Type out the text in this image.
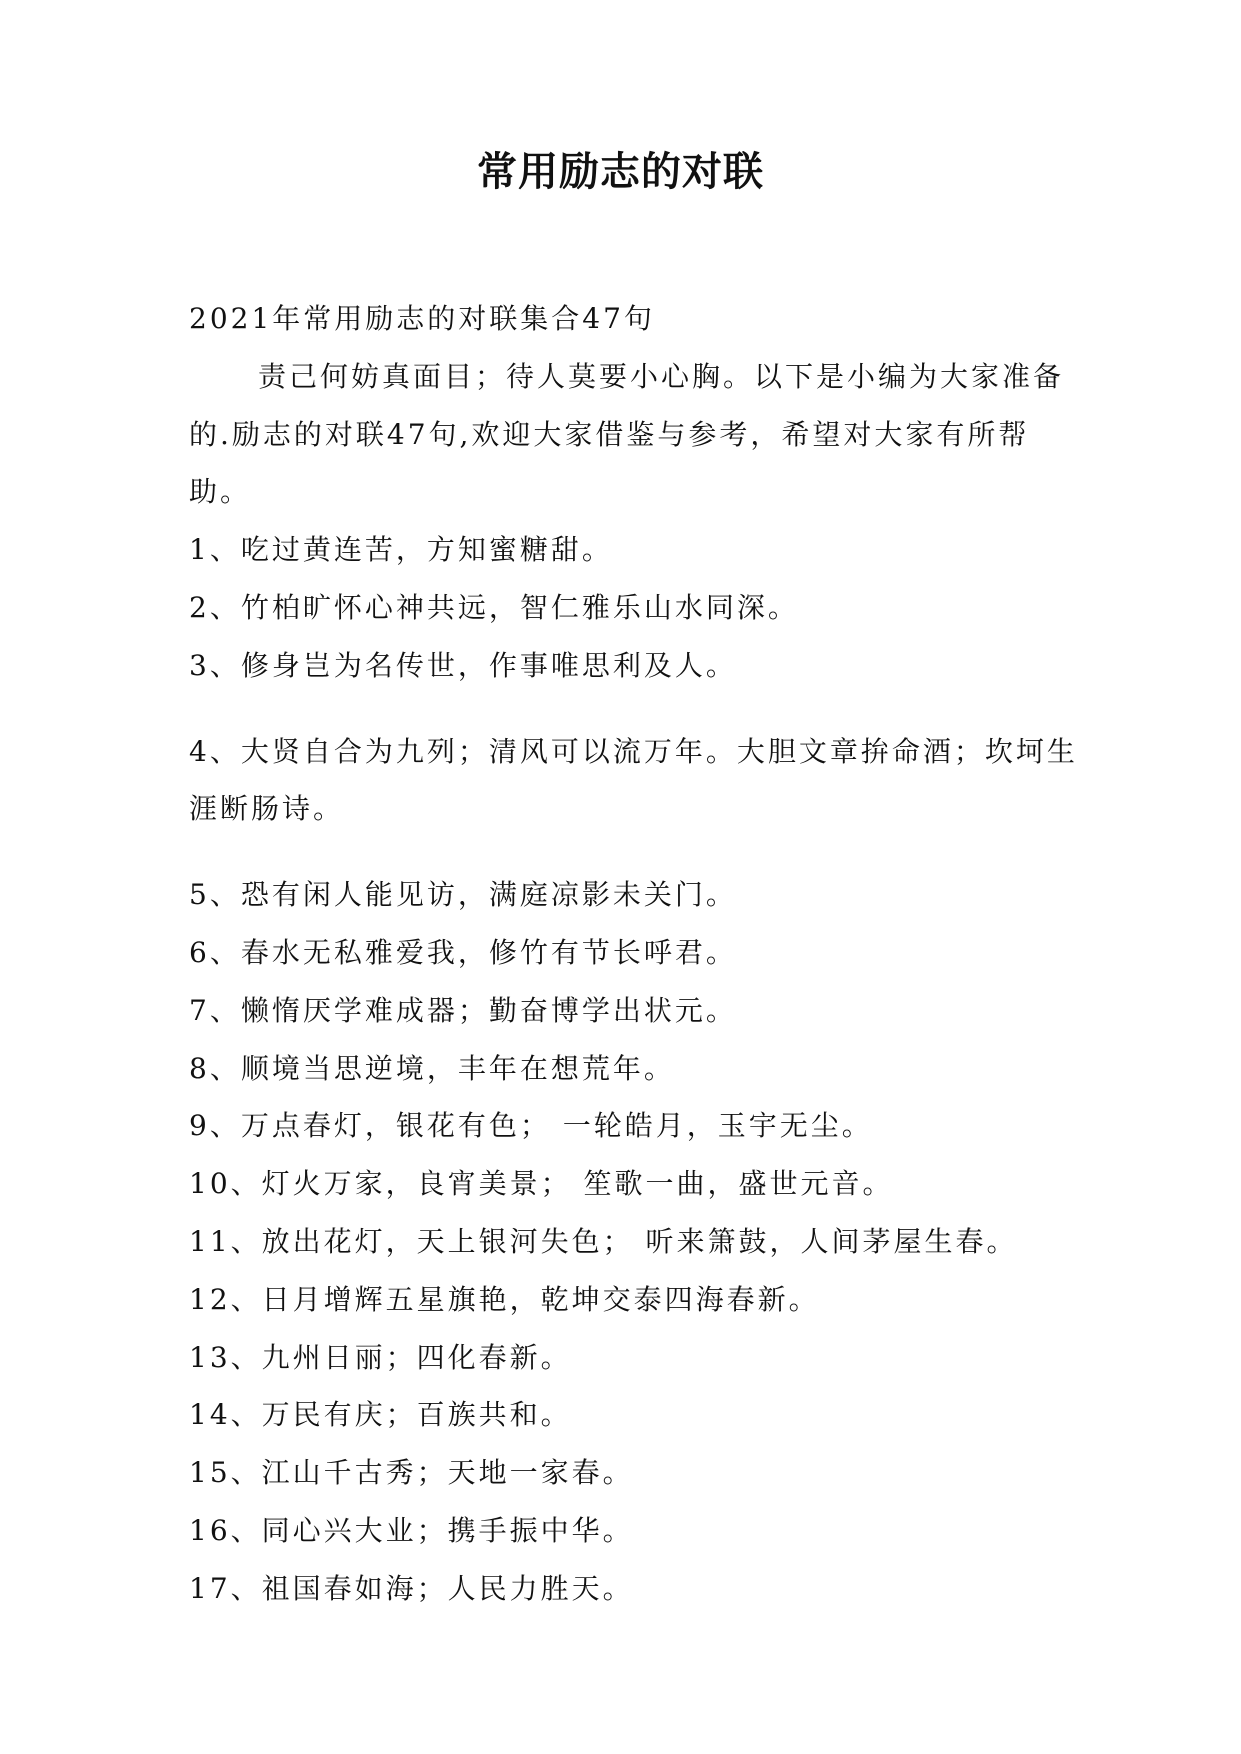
常用励志的对联

2021年常用励志的对联集合47句

责己何妨真面目；待人莫要小心胸。以下是小编为大家准备的.励志的对联47句,欢迎大家借鉴与参考，希望对大家有所帮助。

1、吃过黄连苦，方知蜜糖甜。

2、竹柏旷怀心神共远，智仁雅乐山水同深。

3、修身岂为名传世，作事唯思利及人。

4、大贤自合为九列；清风可以流万年。大胆文章拚命酒；坎坷生涯断肠诗。

5、恐有闲人能见访，满庭凉影未关门。

6、春水无私雅爱我，修竹有节长呼君。

7、懒惰厌学难成器；勤奋博学出状元。

8、顺境当思逆境，丰年在想荒年。

9、万点春灯，银花有色； 一轮皓月，玉宇无尘。

10、灯火万家，良宵美景； 笙歌一曲，盛世元音。

11、放出花灯，天上银河失色； 听来箫鼓，人间茅屋生春。

12、日月增辉五星旗艳，乾坤交泰四海春新。

13、九州日丽；四化春新。

14、万民有庆；百族共和。

15、江山千古秀；天地一家春。

16、同心兴大业；携手振中华。

17、祖国春如海；人民力胜天。
